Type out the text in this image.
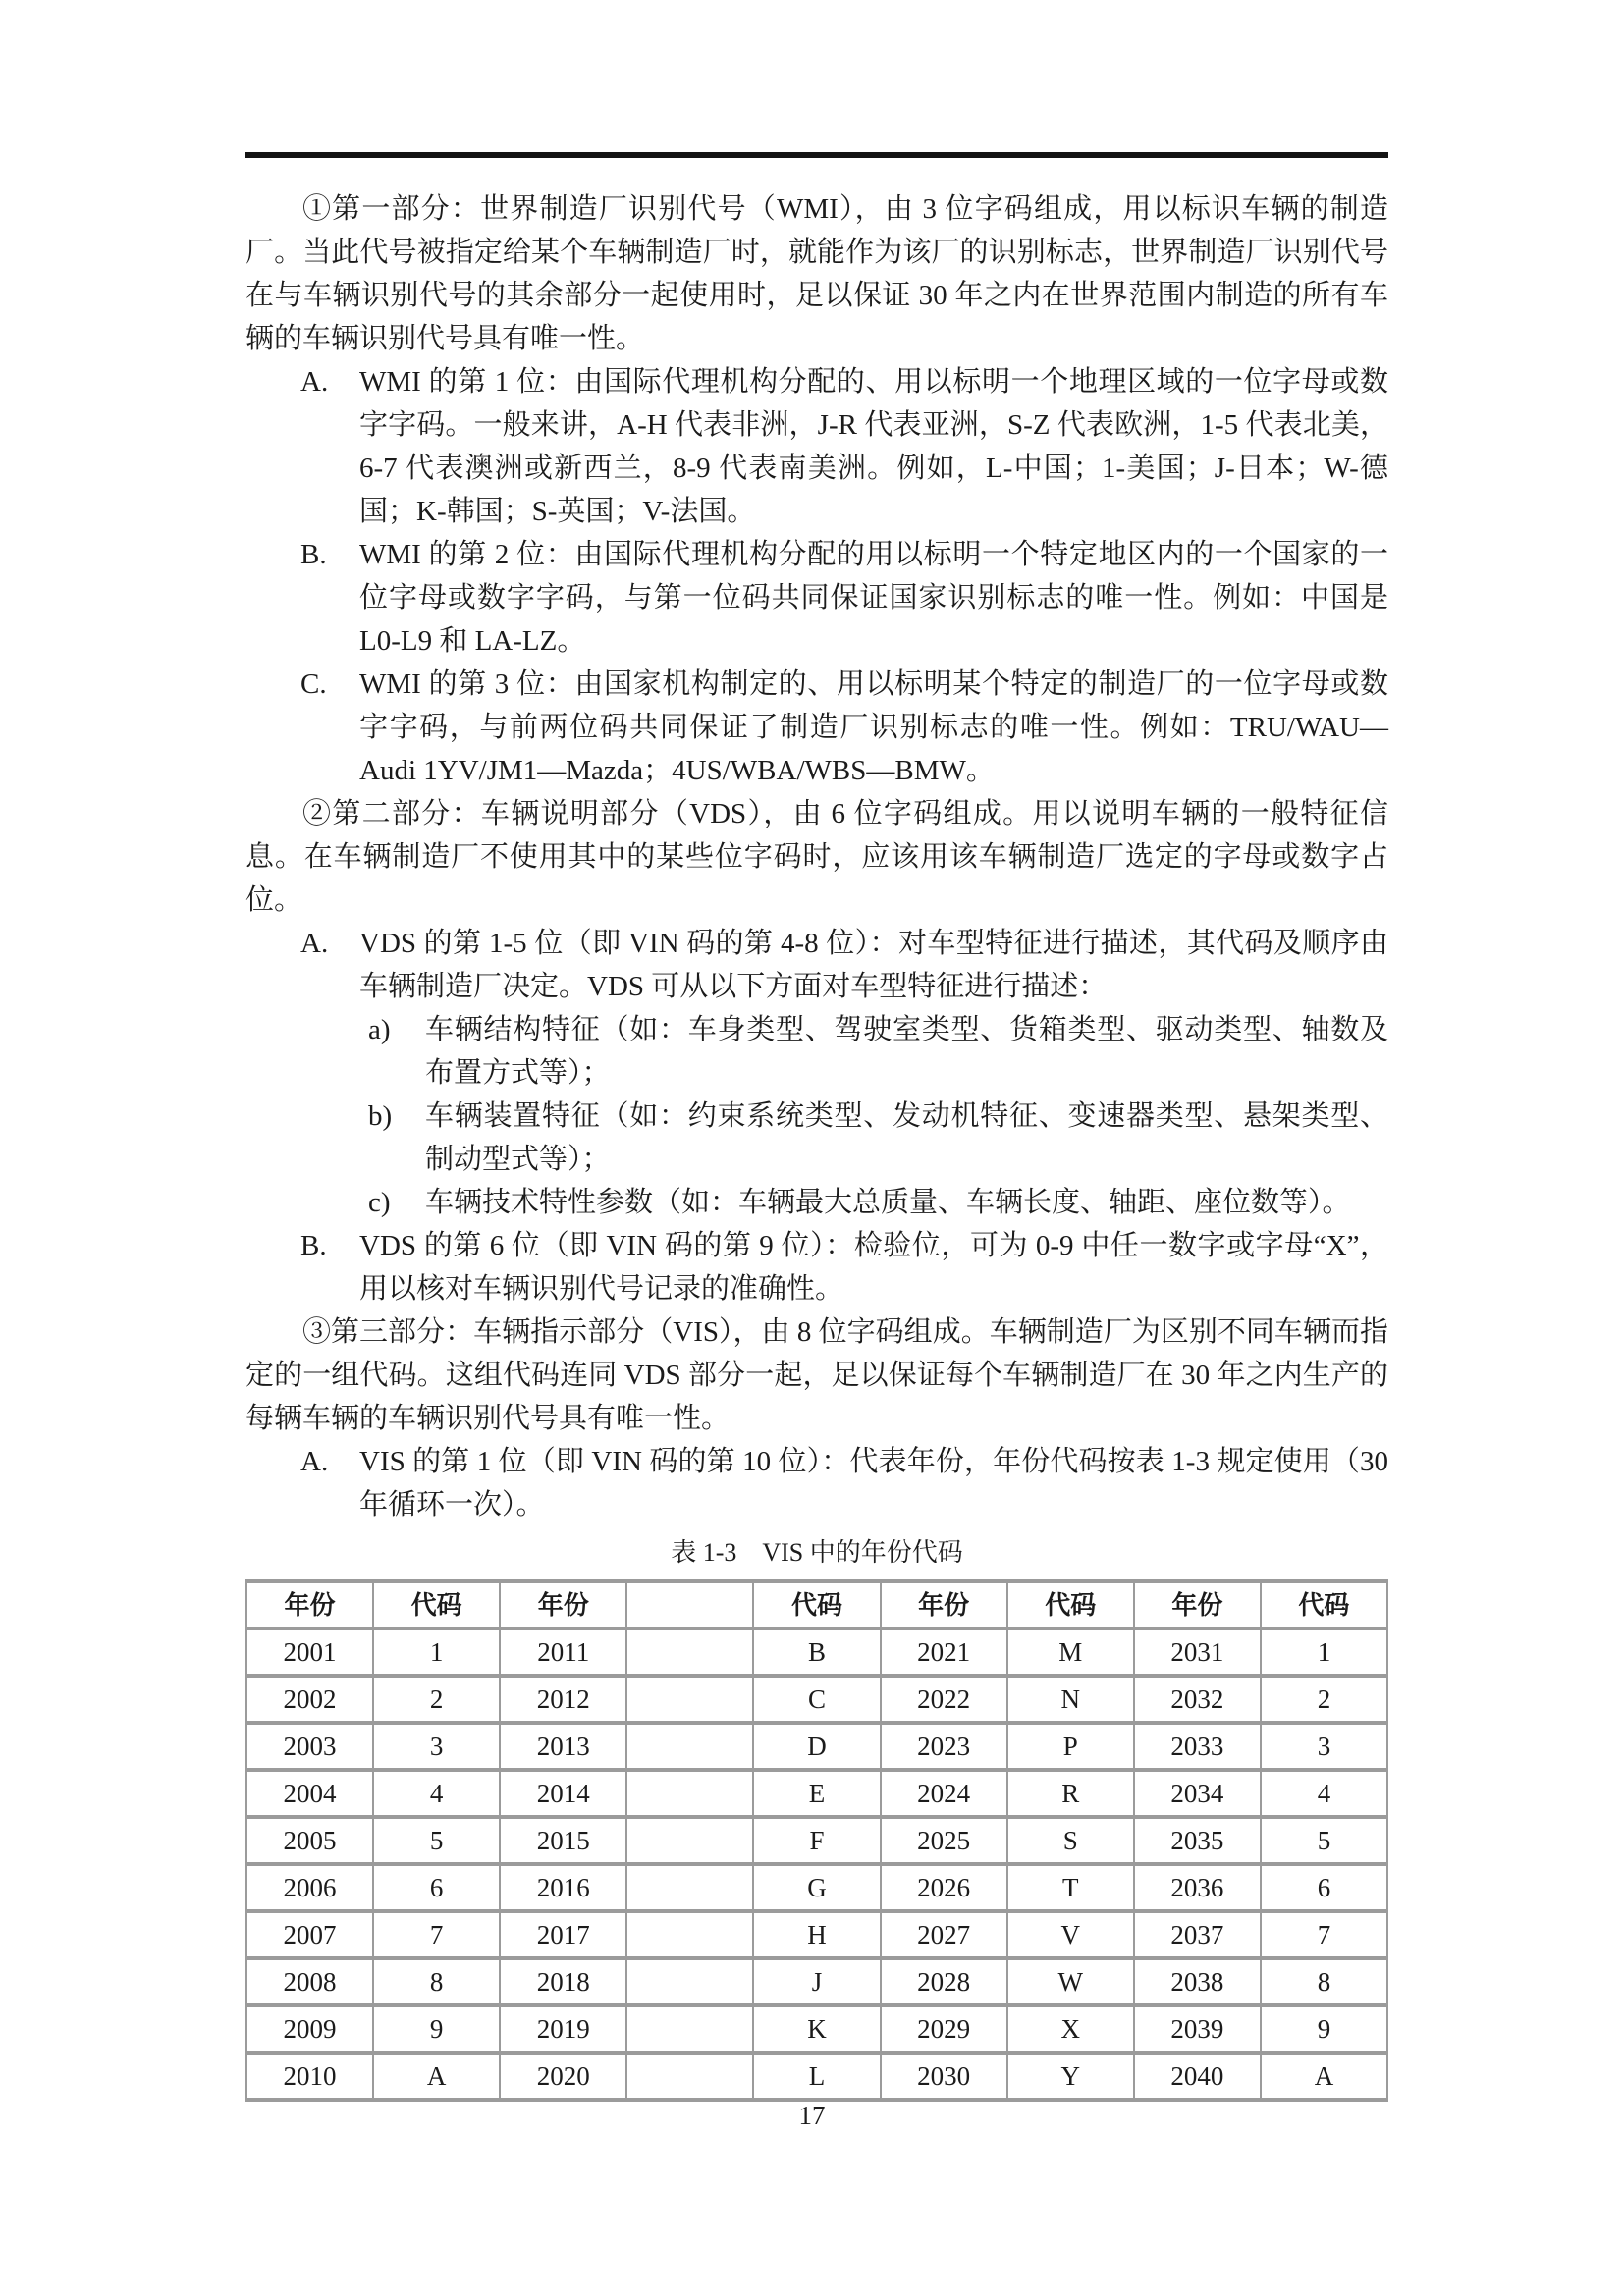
①第一部分：世界制造厂识别代号（WMI），由 3 位字码组成，用以标识车辆的制造厂。当此代号被指定给某个车辆制造厂时，就能作为该厂的识别标志，世界制造厂识别代号在与车辆识别代号的其余部分一起使用时，足以保证 30 年之内在世界范围内制造的所有车辆的车辆识别代号具有唯一性。

A.	WMI 的第 1 位：由国际代理机构分配的、用以标明一个地理区域的一位字母或数字字码。一般来讲，A-H 代表非洲，J-R 代表亚洲，S-Z 代表欧洲，1-5 代表北美，6-7 代表澳洲或新西兰，8-9 代表南美洲。例如，L-中国；1-美国；J-日本；W-德国；K-韩国；S-英国；V-法国。
B.	WMI 的第 2 位：由国际代理机构分配的用以标明一个特定地区内的一个国家的一位字母或数字字码，与第一位码共同保证国家识别标志的唯一性。例如：中国是 L0-L9 和 LA-LZ。
C.	WMI 的第 3 位：由国家机构制定的、用以标明某个特定的制造厂的一位字母或数字字码，与前两位码共同保证了制造厂识别标志的唯一性。例如：TRU/WAU—Audi 1YV/JM1—Mazda；4US/WBA/WBS—BMW。

②第二部分：车辆说明部分（VDS），由 6 位字码组成。用以说明车辆的一般特征信息。在车辆制造厂不使用其中的某些位字码时，应该用该车辆制造厂选定的字母或数字占位。

A.	VDS 的第 1-5 位（即 VIN 码的第 4-8 位）：对车型特征进行描述，其代码及顺序由车辆制造厂决定。VDS 可从以下方面对车型特征进行描述：
a)	车辆结构特征（如：车身类型、驾驶室类型、货箱类型、驱动类型、轴数及布置方式等）；
b)	车辆装置特征（如：约束系统类型、发动机特征、变速器类型、悬架类型、制动型式等）；
c)	车辆技术特性参数（如：车辆最大总质量、车辆长度、轴距、座位数等）。
B.	VDS 的第 6 位（即 VIN 码的第 9 位）：检验位，可为 0-9 中任一数字或字母“X”，用以核对车辆识别代号记录的准确性。

③第三部分：车辆指示部分（VIS），由 8 位字码组成。车辆制造厂为区别不同车辆而指定的一组代码。这组代码连同 VDS 部分一起，足以保证每个车辆制造厂在 30 年之内生产的每辆车辆的车辆识别代号具有唯一性。

A.	VIS 的第 1 位（即 VIN 码的第 10 位）：代表年份，年份代码按表 1-3 规定使用（30 年循环一次）。
表 1-3 VIS 中的年份代码
年份	代码	年份		代码	年份	代码	年份	代码
2001	1	2011		B	2021	M	2031	1
2002	2	2012		C	2022	N	2032	2
2003	3	2013		D	2023	P	2033	3
2004	4	2014		E	2024	R	2034	4
2005	5	2015		F	2025	S	2035	5
2006	6	2016		G	2026	T	2036	6
2007	7	2017		H	2027	V	2037	7
2008	8	2018		J	2028	W	2038	8
2009	9	2019		K	2029	X	2039	9
2010	A	2020		L	2030	Y	2040	A
17
